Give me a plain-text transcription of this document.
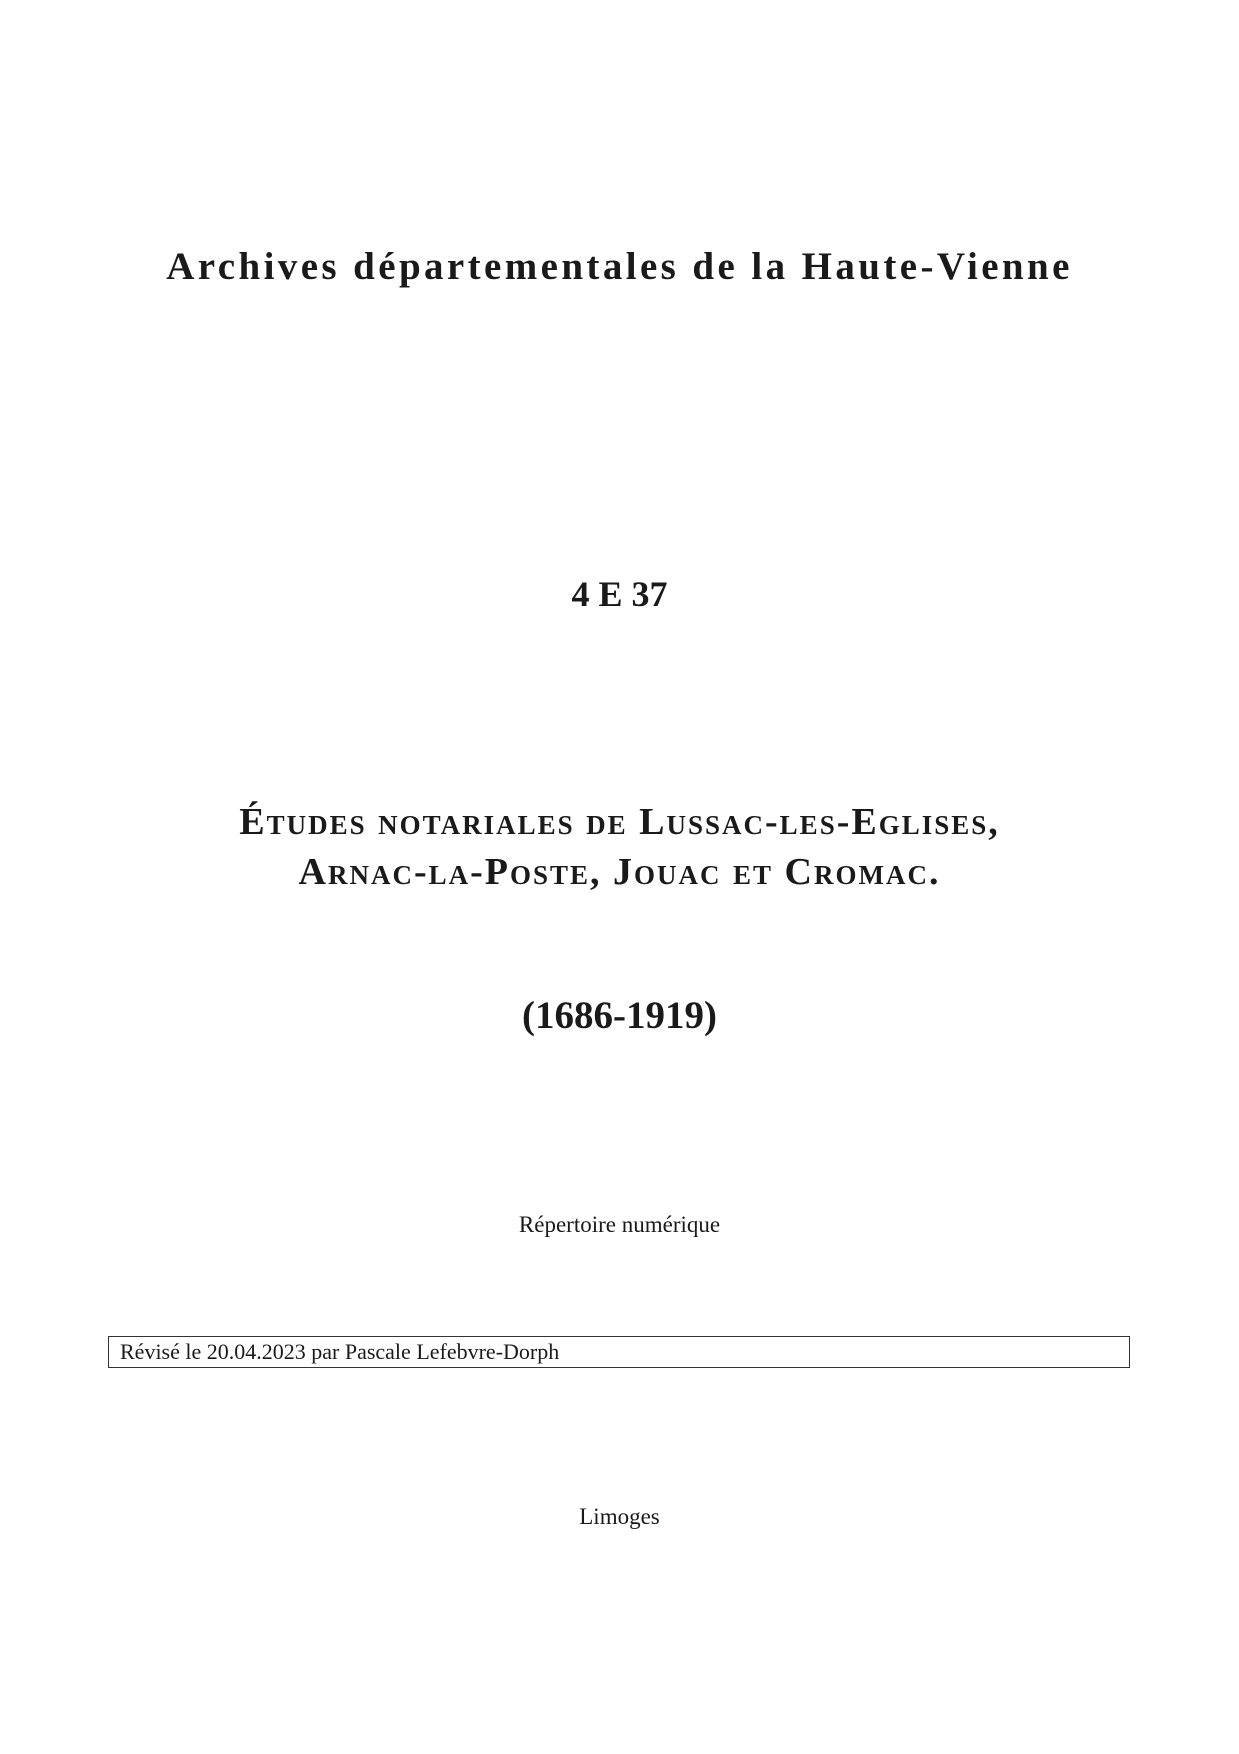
Archives départementales de la Haute-Vienne
4 E 37
Études notariales de Lussac-les-Eglises,
Arnac-la-Poste, Jouac et Cromac.
(1686-1919)
Répertoire numérique
Révisé le 20.04.2023 par Pascale Lefebvre-Dorph
Limoges
